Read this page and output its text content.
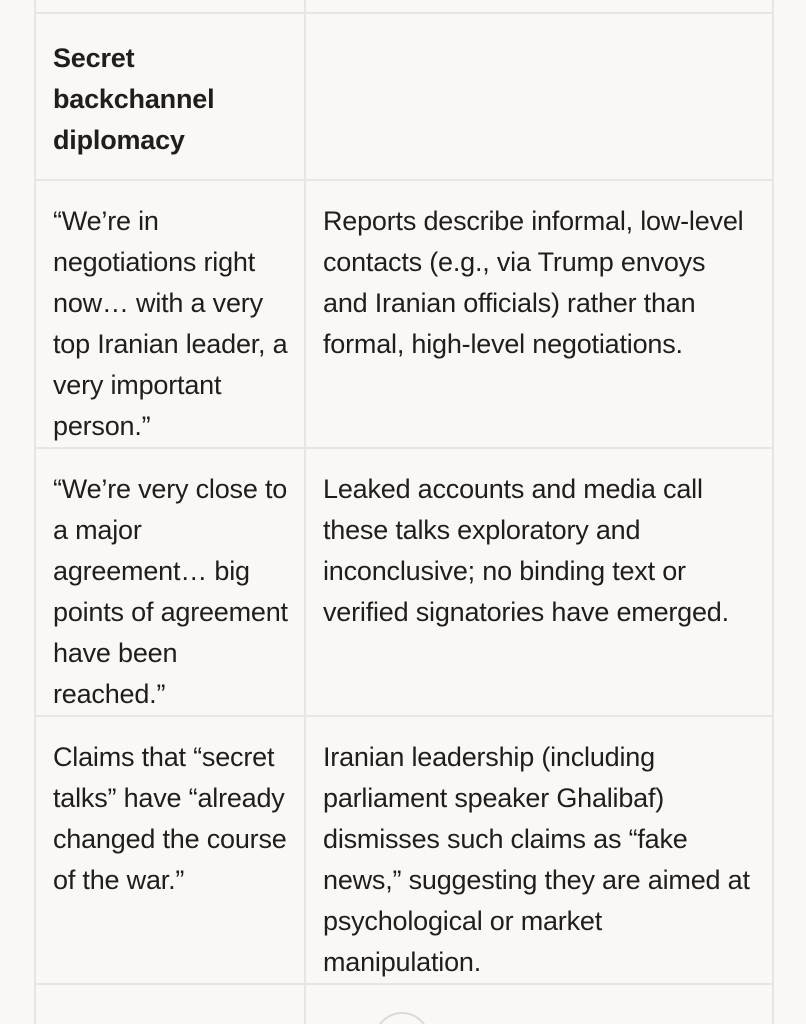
Secret backchannel diplomacy	
“We’re in negotiations right now… with a very top Iranian leader, a very important person.”	Reports describe informal, low-level contacts (e.g., via Trump envoys and Iranian officials) rather than formal, high-level negotiations.
“We’re very close to a major agreement… big points of agreement have been reached.”	Leaked accounts and media call these talks exploratory and inconclusive; no binding text or verified signatories have emerged.
Claims that “secret talks” have “already changed the course of the war.”	Iranian leadership (including parliament speaker Ghalibaf) dismisses such claims as “fake news,” suggesting they are aimed at psychological or market manipulation.
